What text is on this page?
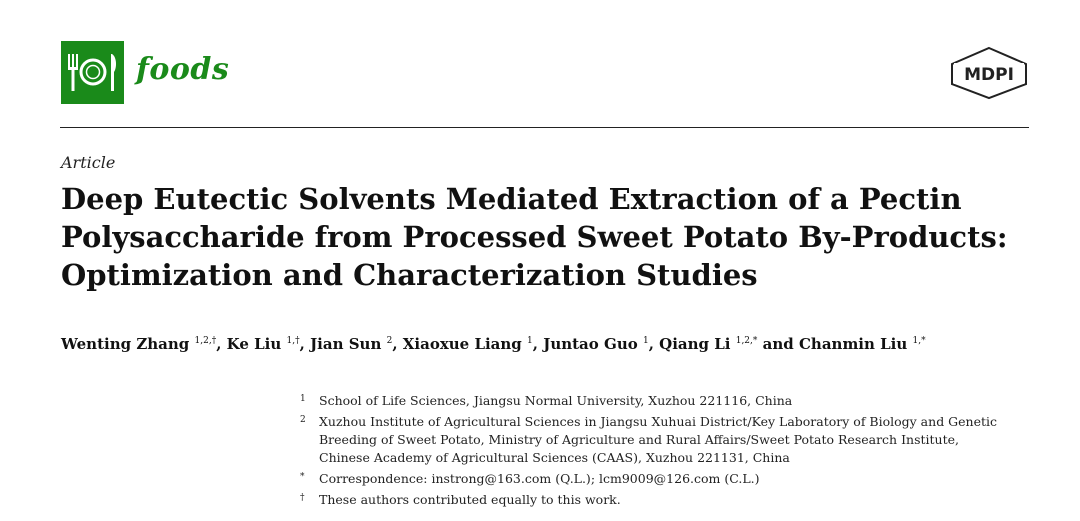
foods	MDPI
Article
Deep Eutectic Solvents Mediated Extraction of a Pectin
Polysaccharide from Processed Sweet Potato By-Products:
Optimization and Characterization Studies
Wenting Zhang $^{1,2,\dagger}$, Ke Liu $^{1,\dagger}$, Jian Sun $^2$, Xiaoxue Liang $^1$, Juntao Guo $^1$, Qiang Li $^{1,2,*}$ and Chanmin Liu $^{1,*}$
1 School of Life Sciences, Jiangsu Normal University, Xuzhou 221116, China
2 Xuzhou Institute of Agricultural Sciences in Jiangsu Xuhuai District/Key Laboratory of Biology and Genetic
Breeding of Sweet Potato, Ministry of Agriculture and Rural Affairs/Sweet Potato Research Institute,
Chinese Academy of Agricultural Sciences (CAAS), Xuzhou 221131, China
* Correspondence: instrong@163.com (Q.L.); lcm9009@126.com (C.L.)
† These authors contributed equally to this work.
